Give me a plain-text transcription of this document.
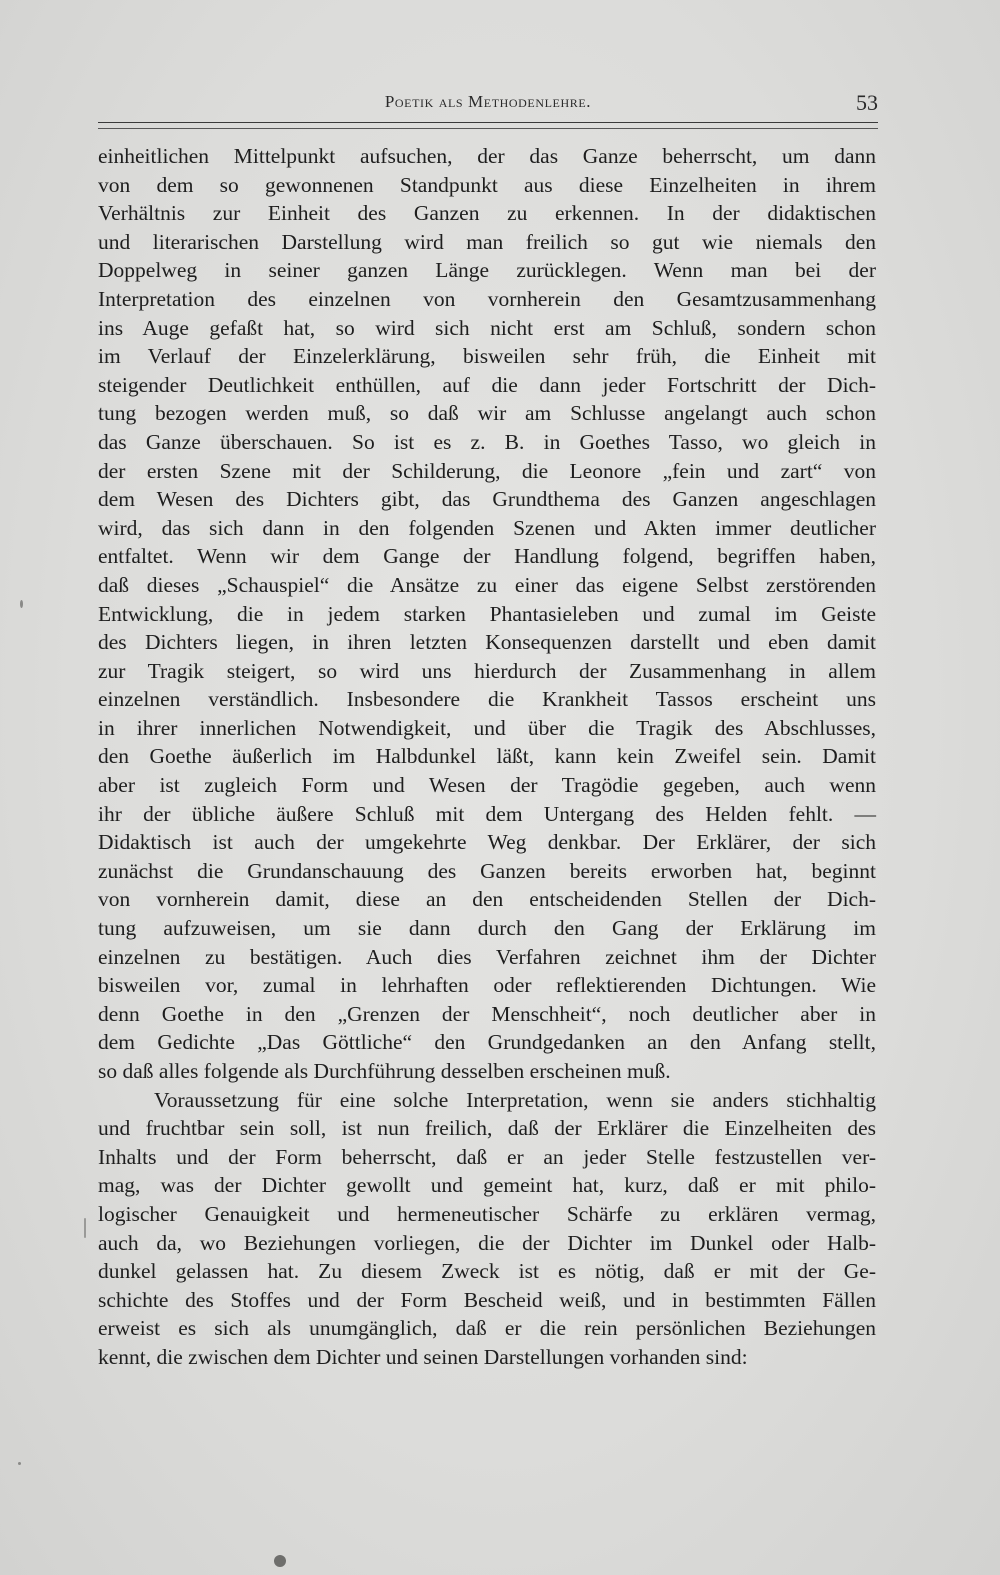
Poetik als Methodenlehre.	53

einheitlichen Mittelpunkt aufsuchen, der das Ganze beherrscht, um dann
von dem so gewonnenen Standpunkt aus diese Einzelheiten in ihrem
Verhältnis zur Einheit des Ganzen zu erkennen. In der didaktischen
und literarischen Darstellung wird man freilich so gut wie niemals den
Doppelweg in seiner ganzen Länge zurücklegen. Wenn man bei der
Interpretation des einzelnen von vornherein den Gesamtzusammenhang
ins Auge gefaßt hat, so wird sich nicht erst am Schluß, sondern schon
im Verlauf der Einzelerklärung, bisweilen sehr früh, die Einheit mit
steigender Deutlichkeit enthüllen, auf die dann jeder Fortschritt der Dich-
tung bezogen werden muß, so daß wir am Schlusse angelangt auch schon
das Ganze überschauen. So ist es z. B. in Goethes Tasso, wo gleich in
der ersten Szene mit der Schilderung, die Leonore „fein und zart“ von
dem Wesen des Dichters gibt, das Grundthema des Ganzen angeschlagen
wird, das sich dann in den folgenden Szenen und Akten immer deutlicher
entfaltet. Wenn wir dem Gange der Handlung folgend, begriffen haben,
daß dieses „Schauspiel“ die Ansätze zu einer das eigene Selbst zerstörenden
Entwicklung, die in jedem starken Phantasieleben und zumal im Geiste
des Dichters liegen, in ihren letzten Konsequenzen darstellt und eben damit
zur Tragik steigert, so wird uns hierdurch der Zusammenhang in allem
einzelnen verständlich. Insbesondere die Krankheit Tassos erscheint uns
in ihrer innerlichen Notwendigkeit, und über die Tragik des Abschlusses,
den Goethe äußerlich im Halbdunkel läßt, kann kein Zweifel sein. Damit
aber ist zugleich Form und Wesen der Tragödie gegeben, auch wenn
ihr der übliche äußere Schluß mit dem Untergang des Helden fehlt. —
Didaktisch ist auch der umgekehrte Weg denkbar. Der Erklärer, der sich
zunächst die Grundanschauung des Ganzen bereits erworben hat, beginnt
von vornherein damit, diese an den entscheidenden Stellen der Dich-
tung aufzuweisen, um sie dann durch den Gang der Erklärung im
einzelnen zu bestätigen. Auch dies Verfahren zeichnet ihm der Dichter
bisweilen vor, zumal in lehrhaften oder reflektierenden Dichtungen. Wie
denn Goethe in den „Grenzen der Menschheit“, noch deutlicher aber in
dem Gedichte „Das Göttliche“ den Grundgedanken an den Anfang stellt,
so daß alles folgende als Durchführung desselben erscheinen muß.

Voraussetzung für eine solche Interpretation, wenn sie anders stichhaltig
und fruchtbar sein soll, ist nun freilich, daß der Erklärer die Einzelheiten des
Inhalts und der Form beherrscht, daß er an jeder Stelle festzustellen ver-
mag, was der Dichter gewollt und gemeint hat, kurz, daß er mit philo-
logischer Genauigkeit und hermeneutischer Schärfe zu erklären vermag,
auch da, wo Beziehungen vorliegen, die der Dichter im Dunkel oder Halb-
dunkel gelassen hat. Zu diesem Zweck ist es nötig, daß er mit der Ge-
schichte des Stoffes und der Form Bescheid weiß, und in bestimmten Fällen
erweist es sich als unumgänglich, daß er die rein persönlichen Beziehungen
kennt, die zwischen dem Dichter und seinen Darstellungen vorhanden sind:
